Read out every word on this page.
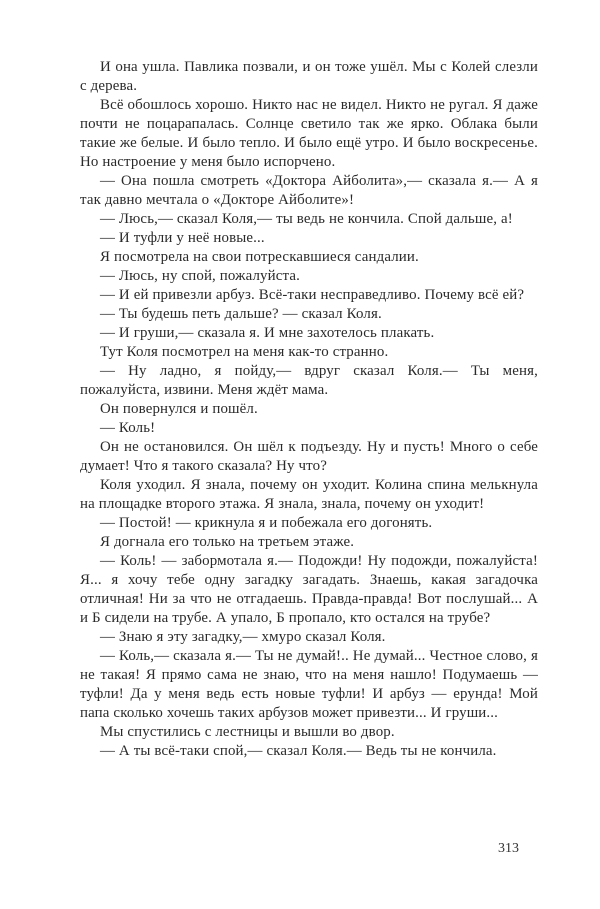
И она ушла. Павлика позвали, и он тоже ушёл. Мы с Колей слезли с дерева.

Всё обошлось хорошо. Никто нас не видел. Никто не ругал. Я даже почти не поцарапалась. Солнце светило так же ярко. Облака были такие же белые. И было тепло. И было ещё утро. И было воскресенье. Но настроение у меня было испорчено.

— Она пошла смотреть «Доктора Айболита»,— сказала я.— А я так давно мечтала о «Докторе Айболите»!

— Люсь,— сказал Коля,— ты ведь не кончила. Спой дальше, а!

— И туфли у неё новые...

Я посмотрела на свои потрескавшиеся сандалии.

— Люсь, ну спой, пожалуйста.

— И ей привезли арбуз. Всё-таки несправедливо. Почему всё ей?

— Ты будешь петь дальше? — сказал Коля.

— И груши,— сказала я. И мне захотелось плакать.

Тут Коля посмотрел на меня как-то странно.

— Ну ладно, я пойду,— вдруг сказал Коля.— Ты меня, пожалуйста, извини. Меня ждёт мама.

Он повернулся и пошёл.

— Коль!

Он не остановился. Он шёл к подъезду. Ну и пусть! Много о себе думает! Что я такого сказала? Ну что?

Коля уходил. Я знала, почему он уходит. Колина спина мелькнула на площадке второго этажа. Я знала, знала, почему он уходит!

— Постой! — крикнула я и побежала его догонять.

Я догнала его только на третьем этаже.

— Коль! — забормотала я.— Подожди! Ну подожди, пожалуйста! Я... я хочу тебе одну загадку загадать. Знаешь, какая загадочка отличная! Ни за что не отгадаешь. Правда-правда! Вот послушай... А и Б сидели на трубе. А упало, Б пропало, кто остался на трубе?

— Знаю я эту загадку,— хмуро сказал Коля.

— Коль,— сказала я.— Ты не думай!.. Не думай... Честное слово, я не такая! Я прямо сама не знаю, что на меня нашло! Подумаешь — туфли! Да у меня ведь есть новые туфли! И арбуз — ерунда! Мой папа сколько хочешь таких арбузов может привезти... И груши...

Мы спустились с лестницы и вышли во двор.

— А ты всё-таки спой,— сказал Коля.— Ведь ты не кончила.

313
